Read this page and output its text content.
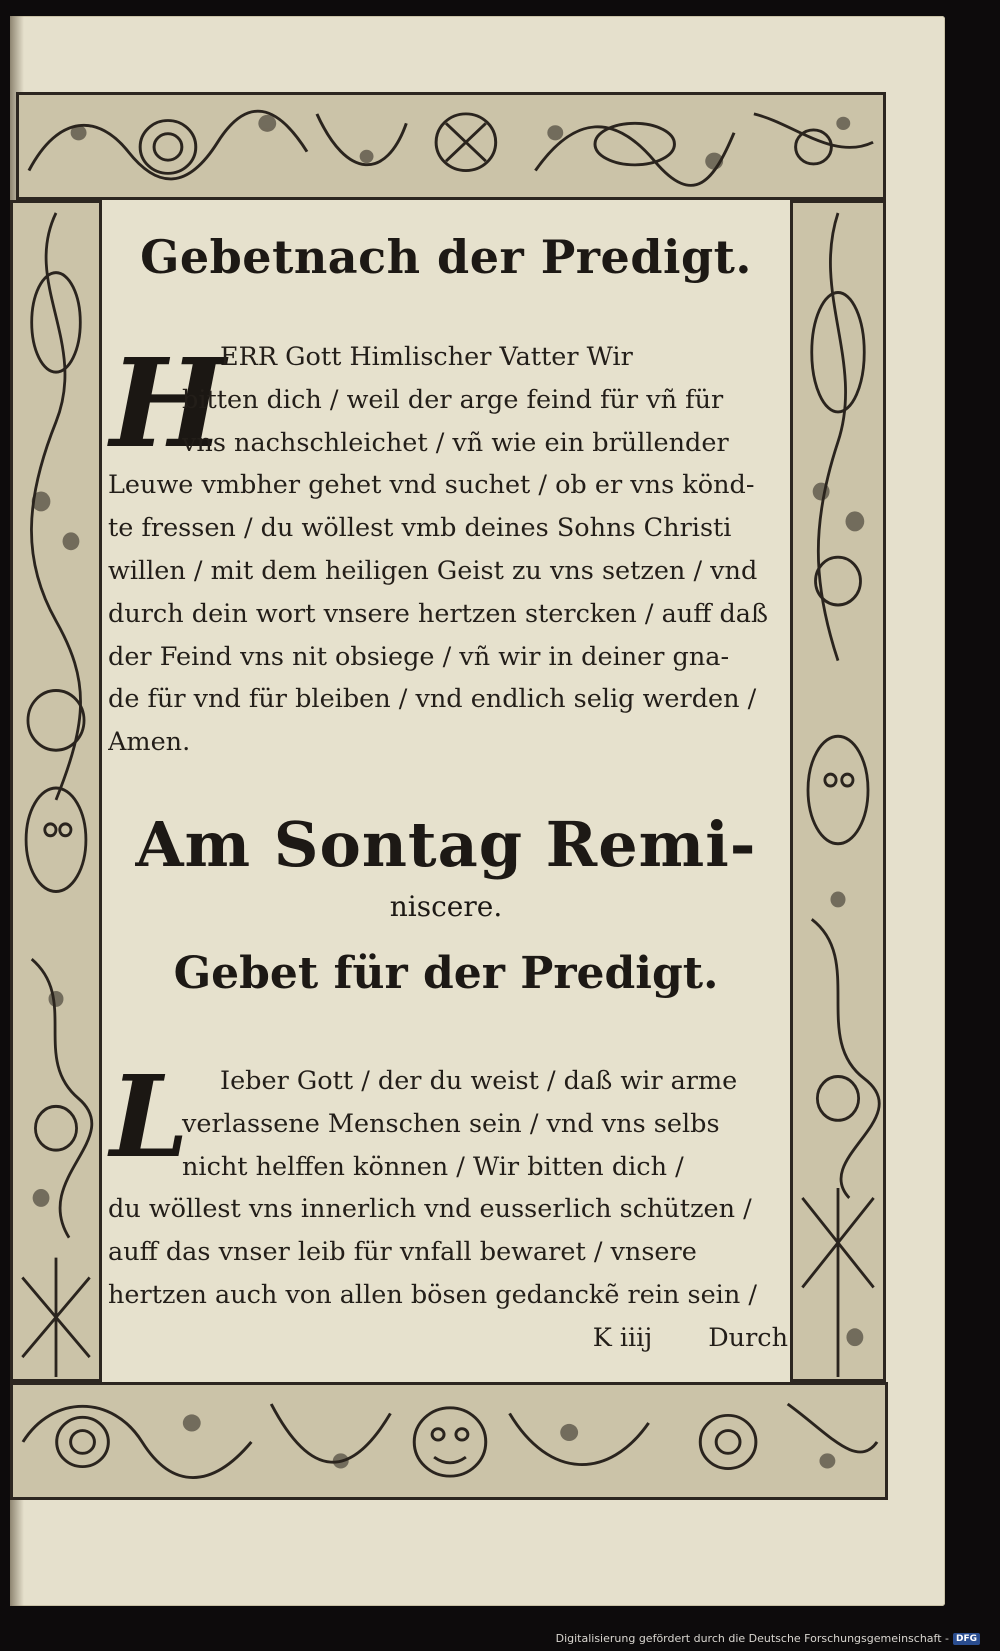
Gebetnach der Predigt.
H
ERR Gott Himlischer Vatter Wir
bitten dich / weil der arge feind für vñ für
vns nachschleichet / vñ wie ein brüllender
Leuwe vmbher gehet vnd suchet / ob er vns könd-
te fressen / du wöllest vmb deines Sohns Christi
willen / mit dem heiligen Geist zu vns setzen / vnd
durch dein wort vnsere hertzen stercken / auff daß
der Feind vns nit obsiege / vñ wir in deiner gna-
de für vnd für bleiben / vnd endlich selig werden /
Amen.
Am Sontag Remi-
niscere.
Gebet für der Predigt.
L	Ieber Gott / der du weist / daß wir arme
verlassene Menschen sein / vnd vns selbs
nicht helffen können / Wir bitten dich /
du wöllest vns innerlich vnd eusserlich schützen /
auff das vnser leib für vnfall bewaret / vnsere
hertzen auch von allen bösen gedanckẽ rein sein /
K iiij Durch
Digitalisierung gefördert durch die Deutsche Forschungsgemeinschaft - DFG
